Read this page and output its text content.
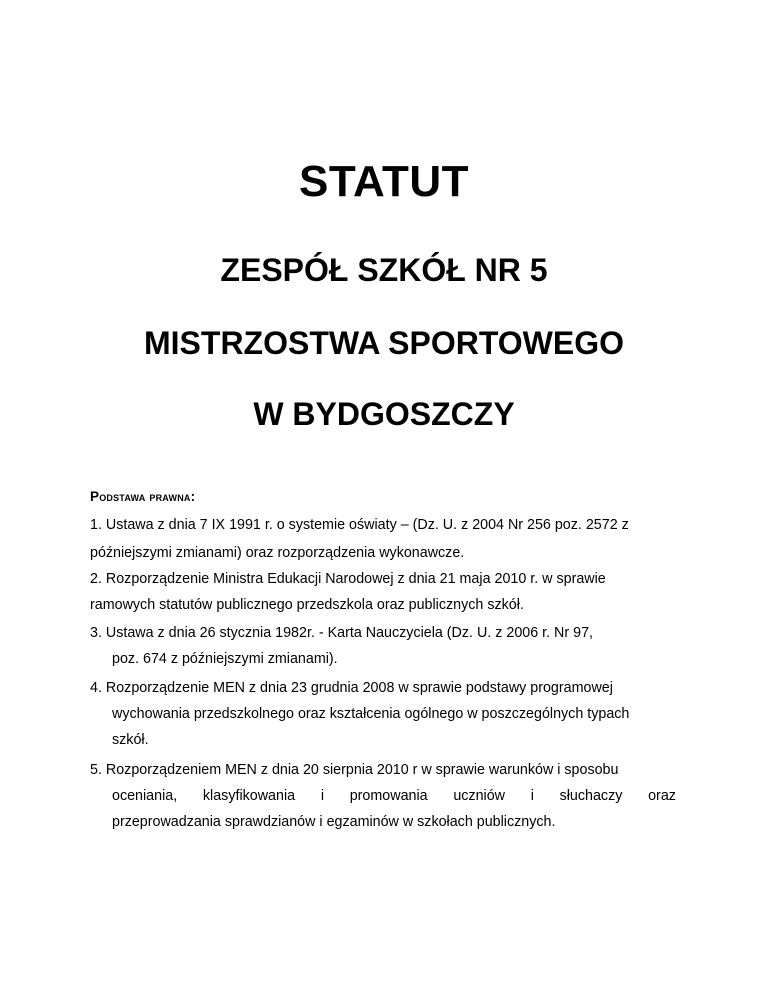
STATUT
ZESPÓŁ SZKÓŁ NR 5
MISTRZOSTWA SPORTOWEGO
W BYDGOSZCZY
Podstawa prawna:
1. Ustawa z dnia 7 IX 1991 r. o systemie oświaty – (Dz. U. z 2004 Nr 256 poz. 2572 z
późniejszymi zmianami) oraz rozporządzenia wykonawcze.
2. Rozporządzenie Ministra Edukacji Narodowej z dnia 21 maja 2010 r. w sprawie
ramowych statutów publicznego przedszkola oraz publicznych szkół.
3. Ustawa z dnia 26 stycznia 1982r. - Karta Nauczyciela (Dz. U. z 2006 r. Nr 97,
poz. 674 z późniejszymi zmianami).
4. Rozporządzenie MEN z dnia 23 grudnia 2008 w sprawie podstawy programowej
wychowania przedszkolnego oraz kształcenia ogólnego w poszczególnych typach
szkół.
5. Rozporządzeniem MEN z dnia 20 sierpnia 2010 r w sprawie warunków i sposobu
oceniania, klasyfikowania i promowania uczniów i słuchaczy oraz
przeprowadzania sprawdzianów i egzaminów w szkołach publicznych.
